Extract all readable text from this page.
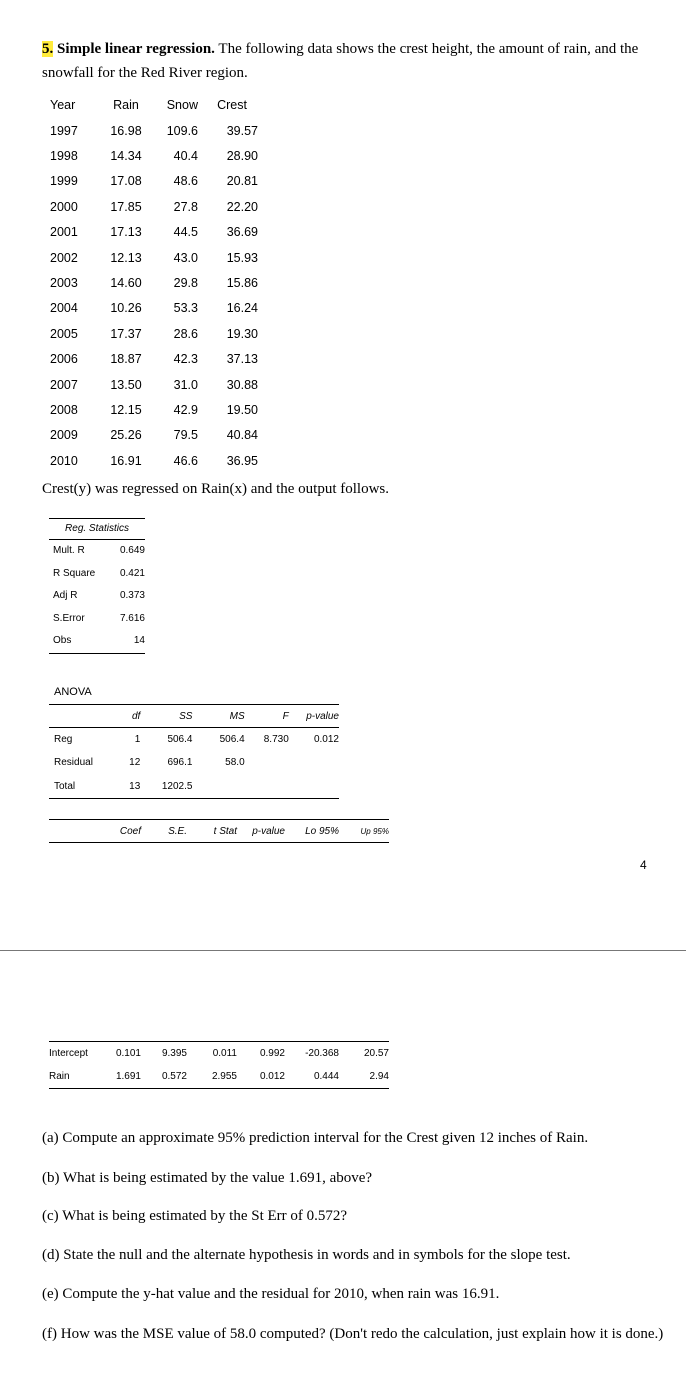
5. Simple linear regression. The following data shows the crest height, the amount of rain, and the snowfall for the Red River region.
Year	Rain	Snow	Crest
1997	16.98	109.6	39.57
1998	14.34	40.4	28.90
1999	17.08	48.6	20.81
2000	17.85	27.8	22.20
2001	17.13	44.5	36.69
2002	12.13	43.0	15.93
2003	14.60	29.8	15.86
2004	10.26	53.3	16.24
2005	17.37	28.6	19.30
2006	18.87	42.3	37.13
2007	13.50	31.0	30.88
2008	12.15	42.9	19.50
2009	25.26	79.5	40.84
2010	16.91	46.6	36.95
Crest(y) was regressed on Rain(x) and the output follows.
Reg. Statistics
Mult. R	0.649
R Square	0.421
Adj R	0.373
S.Error	7.616
Obs	14
ANOVA
	df	SS	MS	F	p-value
Reg	1	506.4	506.4	8.730	0.012
Residual	12	696.1	58.0		
Total	13	1202.5			
	Coef	S.E.	t Stat	p-value	Lo 95%	Up 95%
4
Intercept	0.101	9.395	0.011	0.992	-20.368	20.57
Rain	1.691	0.572	2.955	0.012	0.444	2.94
(a) Compute an approximate 95% prediction interval for the Crest given 12 inches of Rain.
(b) What is being estimated by the value 1.691, above?
(c) What is being estimated by the St Err of 0.572?
(d) State the null and the alternate hypothesis in words and in symbols for the slope test.
(e) Compute the y-hat value and the residual for 2010, when rain was 16.91.
(f) How was the MSE value of 58.0 computed? (Don't redo the calculation, just explain how it is done.)
